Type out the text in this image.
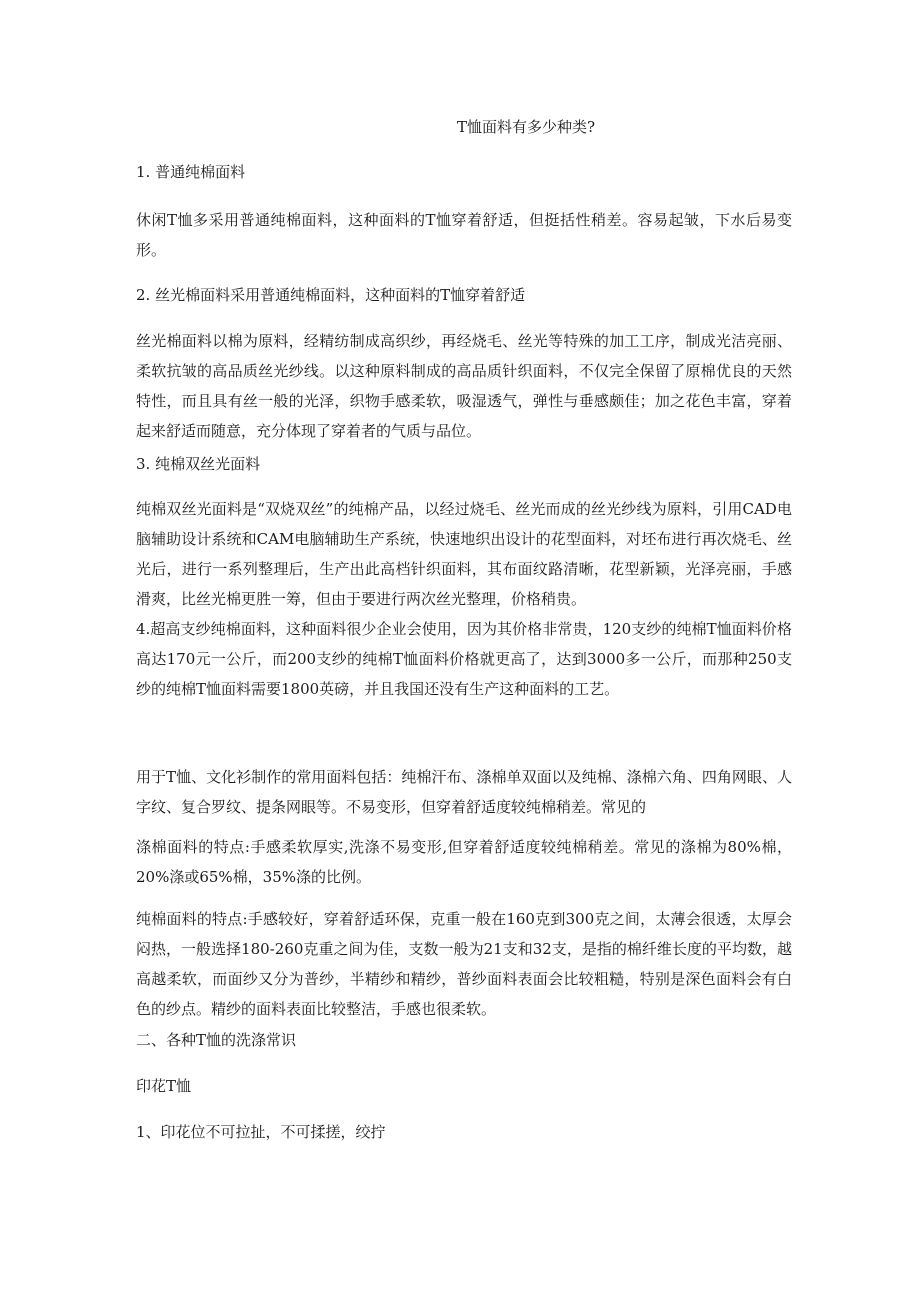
T恤面料有多少种类?

1. 普通纯棉面料

休闲T恤多采用普通纯棉面料，这种面料的T恤穿着舒适，但挺括性稍差。容易起皱，下水后易变形。

2. 丝光棉面料采用普通纯棉面料，这种面料的T恤穿着舒适

丝光棉面料以棉为原料，经精纺制成高织纱，再经烧毛、丝光等特殊的加工工序，制成光洁亮丽、柔软抗皱的高品质丝光纱线。以这种原料制成的高品质针织面料，不仅完全保留了原棉优良的天然特性，而且具有丝一般的光泽，织物手感柔软，吸湿透气，弹性与垂感颇佳；加之花色丰富，穿着起来舒适而随意，充分体现了穿着者的气质与品位。

3. 纯棉双丝光面料

纯棉双丝光面料是“双烧双丝”的纯棉产品，以经过烧毛、丝光而成的丝光纱线为原料，引用CAD电脑辅助设计系统和CAM电脑辅助生产系统，快速地织出设计的花型面料，对坯布进行再次烧毛、丝光后，进行一系列整理后，生产出此高档针织面料，其布面纹路清晰，花型新颖，光泽亮丽，手感滑爽，比丝光棉更胜一筹，但由于要进行两次丝光整理，价格稍贵。

4.超高支纱纯棉面料，这种面料很少企业会使用，因为其价格非常贵，120支纱的纯棉T恤面料价格高达170元一公斤，而200支纱的纯棉T恤面料价格就更高了，达到3000多一公斤，而那种250支纱的纯棉T恤面料需要1800英磅，并且我国还没有生产这种面料的工艺。

用于T恤、文化衫制作的常用面料包括：纯棉汗布、涤棉单双面以及纯棉、涤棉六角、四角网眼、人字纹、复合罗纹、提条网眼等。不易变形，但穿着舒适度较纯棉稍差。常见的

涤棉面料的特点:手感柔软厚实,洗涤不易变形,但穿着舒适度较纯棉稍差。常见的涤棉为80%棉，20%涤或65%棉，35%涤的比例。

纯棉面料的特点:手感较好，穿着舒适环保，克重一般在160克到300克之间，太薄会很透，太厚会闷热，一般选择180-260克重之间为佳，支数一般为21支和32支，是指的棉纤维长度的平均数，越高越柔软，而面纱又分为普纱，半精纱和精纱，普纱面料表面会比较粗糙，特别是深色面料会有白色的纱点。精纱的面料表面比较整洁，手感也很柔软。

二、各种T恤的洗涤常识

印花T恤

1、印花位不可拉扯，不可揉搓，绞拧
